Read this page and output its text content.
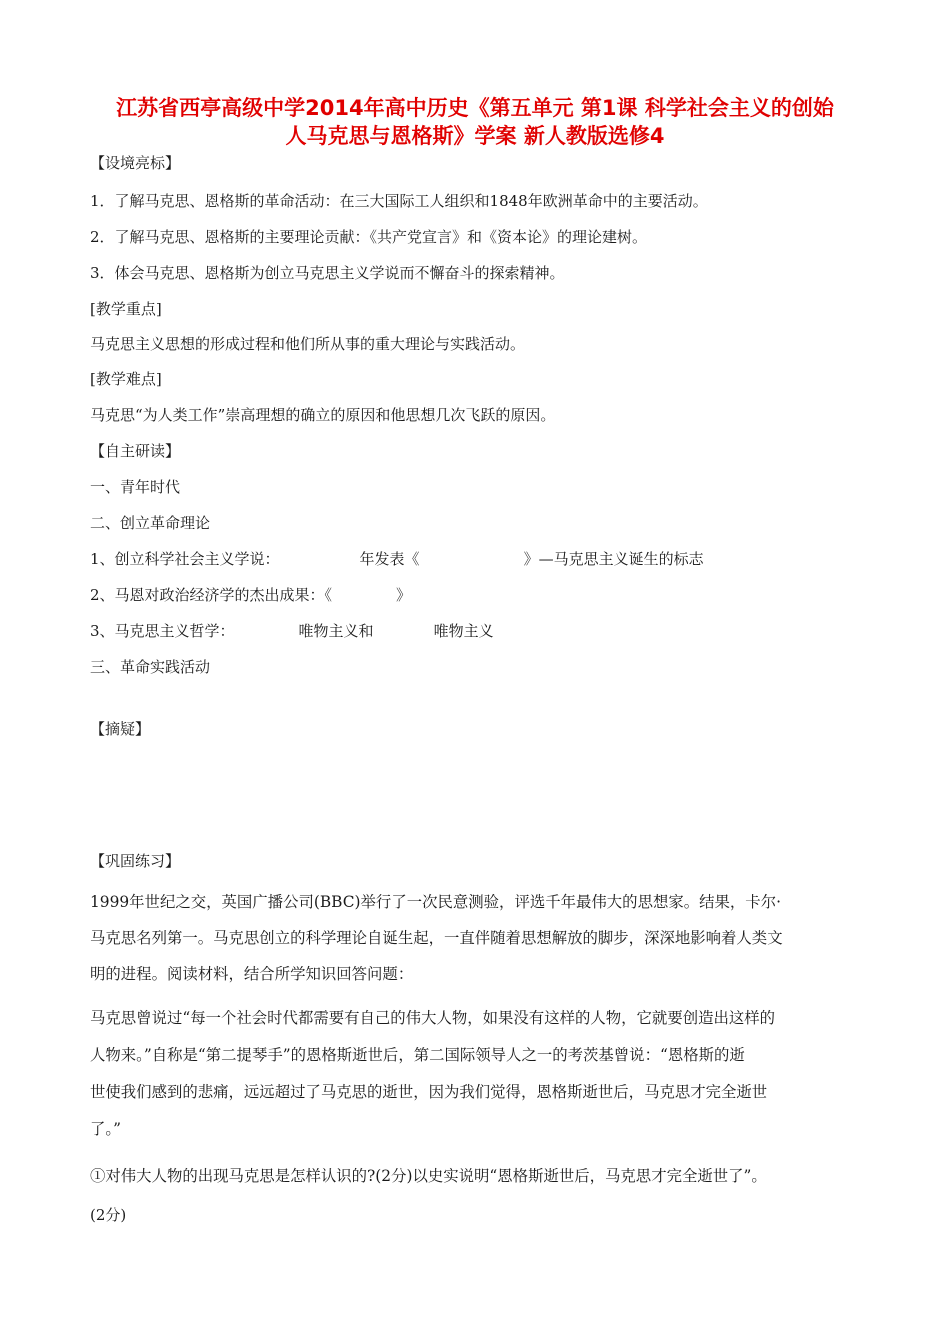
江苏省西亭高级中学2014年高中历史《第五单元 第1课 科学社会主义的创始
人马克思与恩格斯》学案 新人教版选修4
【设境亮标】
1．了解马克思、恩格斯的革命活动：在三大国际工人组织和1848年欧洲革命中的主要活动。
2．了解马克思、恩格斯的主要理论贡献：《共产党宣言》和《资本论》的理论建树。
3．体会马克思、恩格斯为创立马克思主义学说而不懈奋斗的探索精神。
[教学重点]
马克思主义思想的形成过程和他们所从事的重大理论与实践活动。
[教学难点]
马克思“为人类工作”崇高理想的确立的原因和他思想几次飞跃的原因。
【自主研读】
一、青年时代
二、创立革命理论
1、创立科学社会主义学说：	年发表《	》—马克思主义诞生的标志
2、马恩对政治经济学的杰出成果：《	》
3、马克思主义哲学：	唯物主义和	唯物主义
三、革命实践活动
【摘疑】
【巩固练习】
1999年世纪之交，英国广播公司(BBC)举行了一次民意测验，评选千年最伟大的思想家。结果，卡尔·
马克思名列第一。马克思创立的科学理论自诞生起，一直伴随着思想解放的脚步，深深地影响着人类文
明的进程。阅读材料，结合所学知识回答问题：
马克思曾说过“每一个社会时代都需要有自己的伟大人物，如果没有这样的人物，它就要创造出这样的
人物来。”自称是“第二提琴手”的恩格斯逝世后，第二国际领导人之一的考茨基曾说：“恩格斯的逝
世使我们感到的悲痛，远远超过了马克思的逝世，因为我们觉得，恩格斯逝世后，马克思才完全逝世
了。”
①对伟大人物的出现马克思是怎样认识的?(2分)以史实说明“恩格斯逝世后，马克思才完全逝世了”。
(2分)
